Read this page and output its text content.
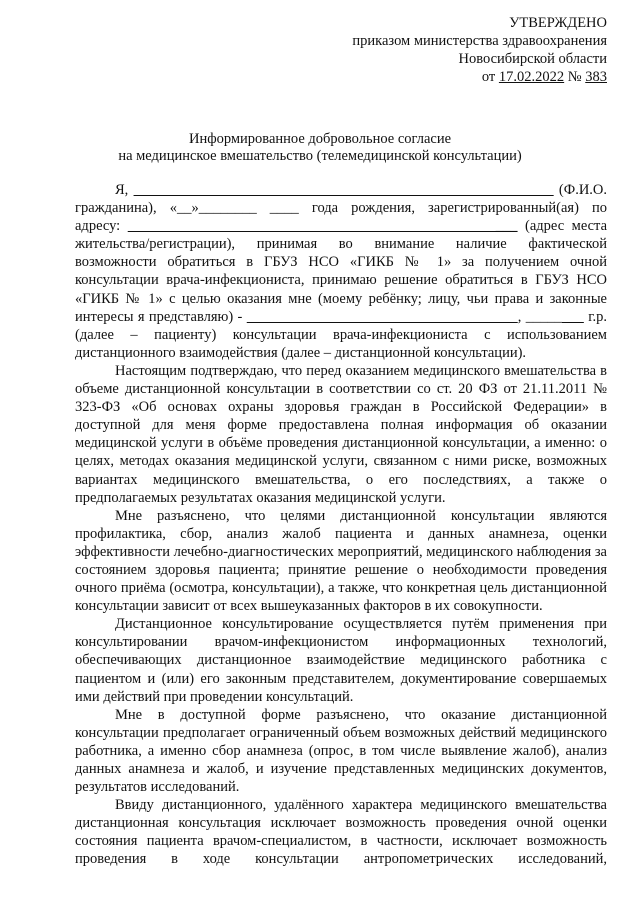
УТВЕРЖДЕНО
приказом министерства здравоохранения
Новосибирской области
от 17.02.2022 № 383
Информированное добровольное согласие
на медицинское вмешательство (телемедицинской консультации)

Я,	(Ф.И.О.

гражданина), «__»________ ____ года рождения, зарегистрированный(ая) по

адресу:                                                  ___ (адрес места

жительства/регистрации), принимая во внимание наличие фактической

возможности обратиться в ГБУЗ НСО «ГИКБ № 1» за получением очной

консультации врача-инфекциониста, принимаю решение обратиться в ГБУЗ НСО

«ГИКБ № 1» с целью оказания мне (моему ребёнку; лицу, чьи права и законные

интересы я представляю) -	, _____      г.р.

(далее – пациенту) консультации врача-инфекциониста с использованием

дистанционного взаимодействия (далее – дистанционной консультации).

Настоящим подтверждаю, что перед оказанием медицинского вмешательства в объеме дистанционной консультации в соответствии со ст. 20 ФЗ от 21.11.2011 № 323-ФЗ «Об основах охраны здоровья граждан в Российской Федерации» в доступной для меня форме предоставлена полная информация об оказании медицинской услуги в объёме проведения дистанционной консультации, а именно: о целях, методах оказания медицинской услуги, связанном с ними риске, возможных вариантах медицинского вмешательства, о его последствиях, а также о предполагаемых результатах оказания медицинской услуги.

Мне разъяснено, что целями дистанционной консультации являются профилактика, сбор, анализ жалоб пациента и данных анамнеза, оценки эффективности лечебно-диагностических мероприятий, медицинского наблюдения за состоянием здоровья пациента; принятие решение о необходимости проведения очного приёма (осмотра, консультации), а также, что конкретная цель дистанционной консультации зависит от всех вышеуказанных факторов в их совокупности.

Дистанционное консультирование осуществляется путём применения при консультировании врачом-инфекционистом информационных технологий, обеспечивающих дистанционное взаимодействие медицинского работника с пациентом и (или) его законным представителем, документирование совершаемых ими действий при проведении консультаций.

Мне в доступной форме разъяснено, что оказание дистанционной консультации предполагает ограниченный объем возможных действий медицинского работника, а именно сбор анамнеза (опрос, в том числе выявление жалоб), анализ данных анамнеза и жалоб, и изучение представленных медицинских документов, результатов исследований.

Ввиду дистанционного, удалённого характера медицинского вмешательства дистанционная консультация исключает возможность проведения очной оценки состояния пациента врачом-специалистом, в частности, исключает возможность проведения в ходе консультации антропометрических исследований,
